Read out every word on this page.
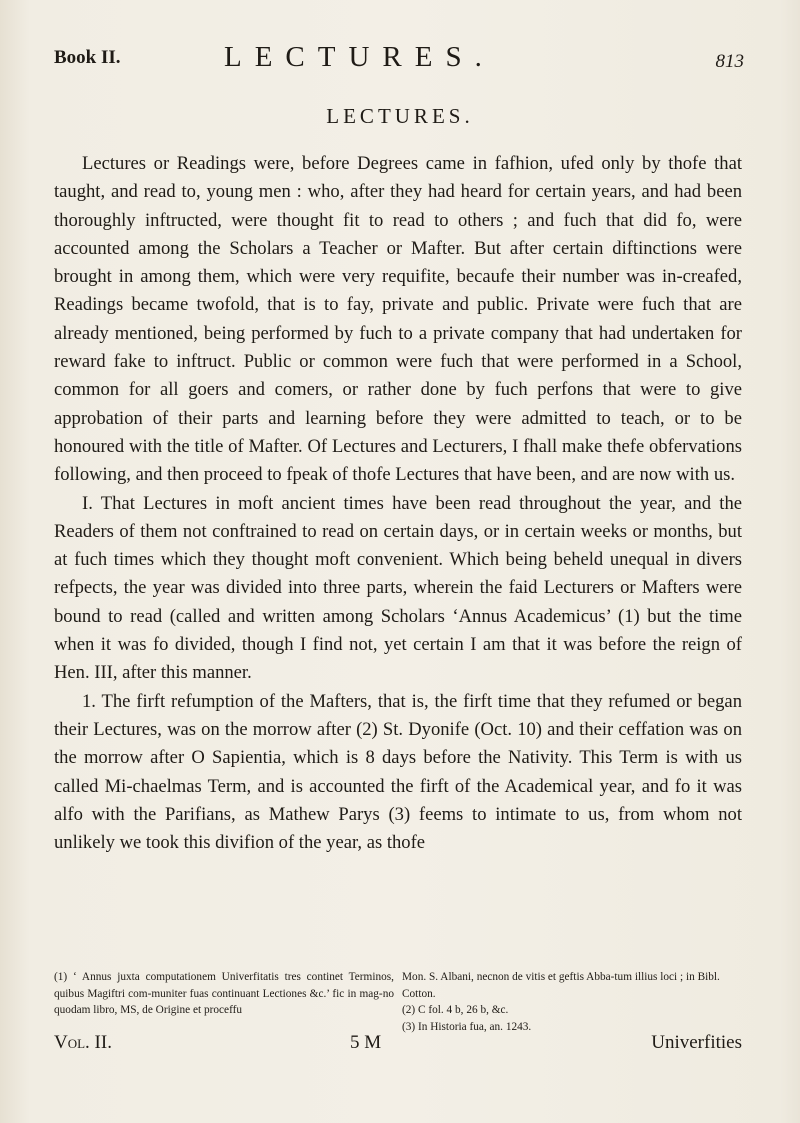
Book II.	LECTURES.	813
LECTURES.

Lectures or Readings were, before Degrees came in fafhion, ufed only by thofe that taught, and read to, young men : who, after they had heard for certain years, and had been thoroughly inftructed, were thought fit to read to others ; and fuch that did fo, were accounted among the Scholars a Teacher or Mafter. But after certain diftinctions were brought in among them, which were very requifite, becaufe their number was in-creafed, Readings became twofold, that is to fay, private and public. Private were fuch that are already mentioned, being performed by fuch to a private company that had undertaken for reward fake to inftruct. Public or common were fuch that were performed in a School, common for all goers and comers, or rather done by fuch perfons that were to give approbation of their parts and learning before they were admitted to teach, or to be honoured with the title of Mafter. Of Lectures and Lecturers, I fhall make thefe obfervations following, and then proceed to fpeak of thofe Lectures that have been, and are now with us.

I. That Lectures in moft ancient times have been read throughout the year, and the Readers of them not conftrained to read on certain days, or in certain weeks or months, but at fuch times which they thought moft convenient. Which being beheld unequal in divers refpects, the year was divided into three parts, wherein the faid Lecturers or Mafters were bound to read (called and written among Scholars ‘Annus Academicus’ (1) but the time when it was fo divided, though I find not, yet certain I am that it was before the reign of Hen. III, after this manner.

1. The firft refumption of the Mafters, that is, the firft time that they refumed or began their Lectures, was on the morrow after (2) St. Dyonife (Oct. 10) and their ceffation was on the morrow after O Sapientia, which is 8 days before the Nativity. This Term is with us called Mi-chaelmas Term, and is accounted the firft of the Academical year, and fo it was alfo with the Parifians, as Mathew Parys (3) feems to intimate to us, from whom not unlikely we took this divifion of the year, as thofe

(1) ‘ Annus juxta computationem Univerfitatis tres continet Terminos, quibus Magiftri com-muniter fuas continuant Lectiones &c.’ fic in mag-no quodam libro, MS, de Origine et proceffu
Mon. S. Albani, necnon de vitis et geftis Abba-tum illius loci ; in Bibl. Cotton.
(2) C fol. 4 b, 26 b, &c.
(3) In Historia fua, an. 1243.
Vol. II.	5 M	Univerfities
